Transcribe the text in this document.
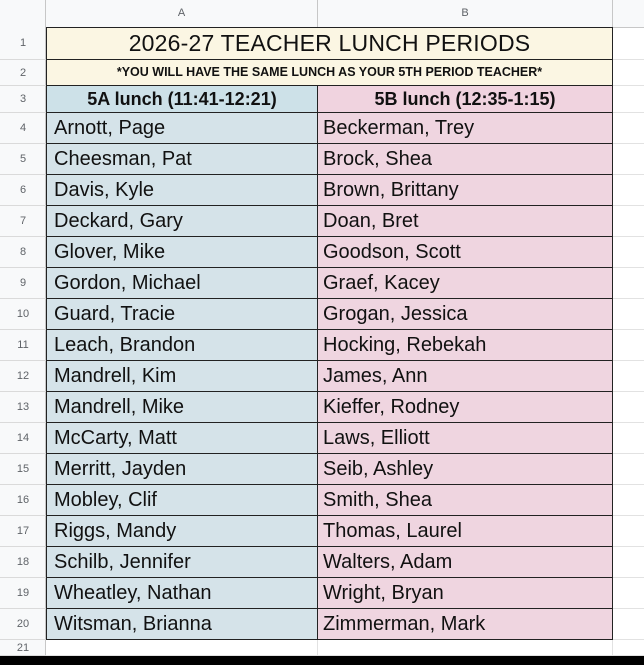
A	B
1	2026-27 TEACHER LUNCH PERIODS
2	*YOU WILL HAVE THE SAME LUNCH AS YOUR 5TH PERIOD TEACHER*
3	5A lunch (11:41-12:21)	5B lunch (12:35-1:15)
4	Arnott, Page	Beckerman, Trey
5	Cheesman, Pat	Brock, Shea
6	Davis, Kyle	Brown, Brittany
7	Deckard, Gary	Doan, Bret
8	Glover, Mike	Goodson, Scott
9	Gordon, Michael	Graef, Kacey
10	Guard, Tracie	Grogan, Jessica
11	Leach, Brandon	Hocking, Rebekah
12	Mandrell, Kim	James, Ann
13	Mandrell, Mike	Kieffer, Rodney
14	McCarty, Matt	Laws, Elliott
15	Merritt, Jayden	Seib, Ashley
16	Mobley, Clif	Smith, Shea
17	Riggs, Mandy	Thomas, Laurel
18	Schilb, Jennifer	Walters, Adam
19	Wheatley, Nathan	Wright, Bryan
20	Witsman, Brianna	Zimmerman, Mark
21
